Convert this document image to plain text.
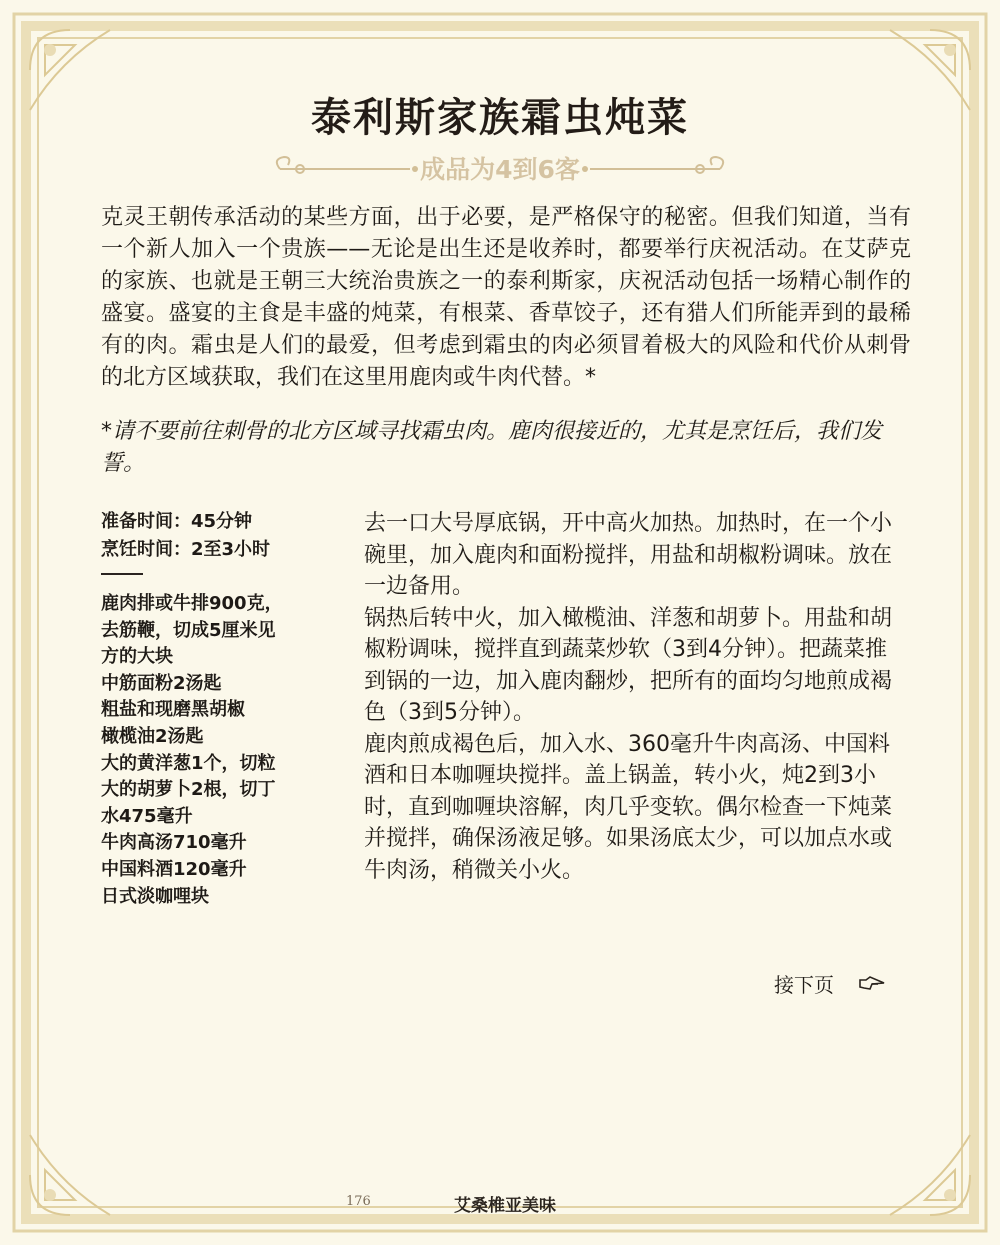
泰利斯家族霜虫炖菜
成品为4到6客

克灵王朝传承活动的某些方面，出于必要，是严格保守的秘密。但我们知道，当有一个新人加入一个贵族——无论是出生还是收养时，都要举行庆祝活动。在艾萨克的家族、也就是王朝三大统治贵族之一的泰利斯家，庆祝活动包括一场精心制作的盛宴。盛宴的主食是丰盛的炖菜，有根菜、香草饺子，还有猎人们所能弄到的最稀有的肉。霜虫是人们的最爱，但考虑到霜虫的肉必须冒着极大的风险和代价从刺骨的北方区域获取，我们在这里用鹿肉或牛肉代替。*

*请不要前往刺骨的北方区域寻找霜虫肉。鹿肉很接近的，尤其是烹饪后，我们发誓。

准备时间：45分钟
烹饪时间：2至3小时
鹿肉排或牛排900克，
去筋鞭，切成5厘米见
方的大块
中筋面粉2汤匙
粗盐和现磨黑胡椒
橄榄油2汤匙
大的黄洋葱1个，切粒
大的胡萝卜2根，切丁
水475毫升
牛肉高汤710毫升
中国料酒120毫升
日式淡咖哩块

去一口大号厚底锅，开中高火加热。加热时，在一个小碗里，加入鹿肉和面粉搅拌，用盐和胡椒粉调味。放在一边备用。

锅热后转中火，加入橄榄油、洋葱和胡萝卜。用盐和胡椒粉调味，搅拌直到蔬菜炒软（3到4分钟）。把蔬菜推到锅的一边，加入鹿肉翻炒，把所有的面均匀地煎成褐色（3到5分钟）。

鹿肉煎成褐色后，加入水、360毫升牛肉高汤、中国料酒和日本咖喱块搅拌。盖上锅盖，转小火，炖2到3小时，直到咖喱块溶解，肉几乎变软。偶尔检查一下炖菜并搅拌，确保汤液足够。如果汤底太少，可以加点水或牛肉汤，稍微关小火。

接下页
176	艾桑椎亚美味
